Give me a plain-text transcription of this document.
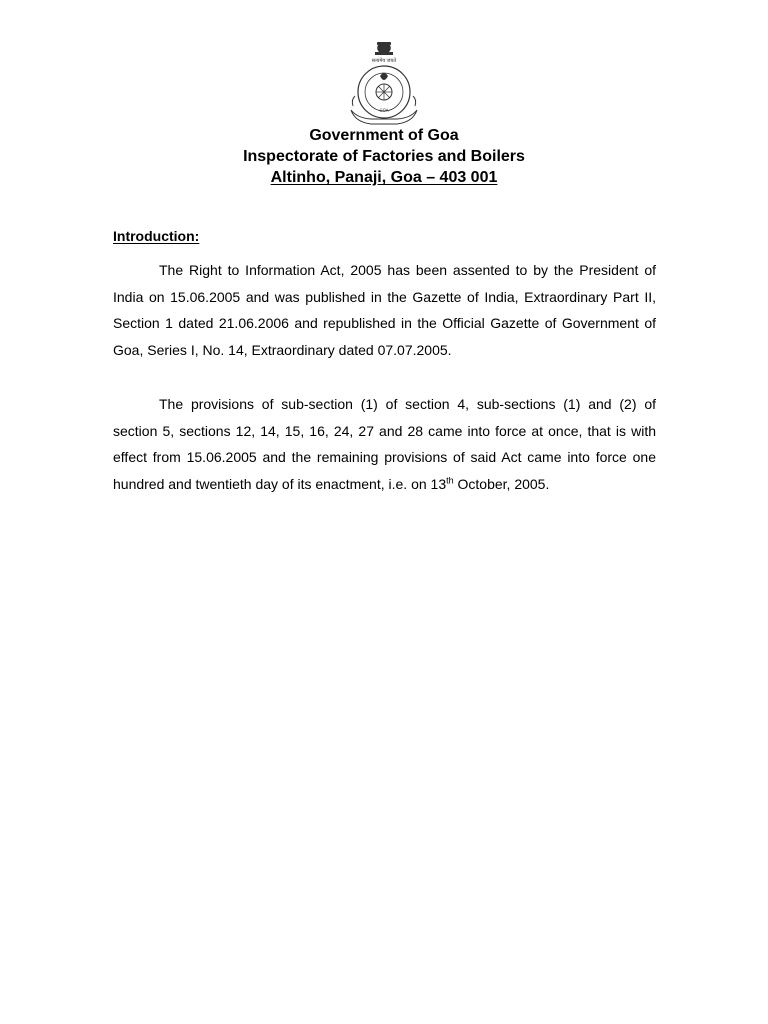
सत्यमेव जयते
GOA
Government of Goa
Inspectorate of Factories and Boilers
Altinho, Panaji, Goa – 403 001
Introduction:

The Right to Information Act, 2005 has been assented to by the President of India on 15.06.2005 and was published in the Gazette of India, Extraordinary Part II, Section 1 dated 21.06.2006 and republished in the Official Gazette of Government of Goa, Series I, No. 14, Extraordinary dated 07.07.2005.

The provisions of sub-section (1) of section 4, sub-sections (1) and (2) of section 5, sections 12, 14, 15, 16, 24, 27 and 28 came into force at once, that is with effect from 15.06.2005 and the remaining provisions of said Act came into force one hundred and twentieth day of its enactment, i.e. on 13th October, 2005.
